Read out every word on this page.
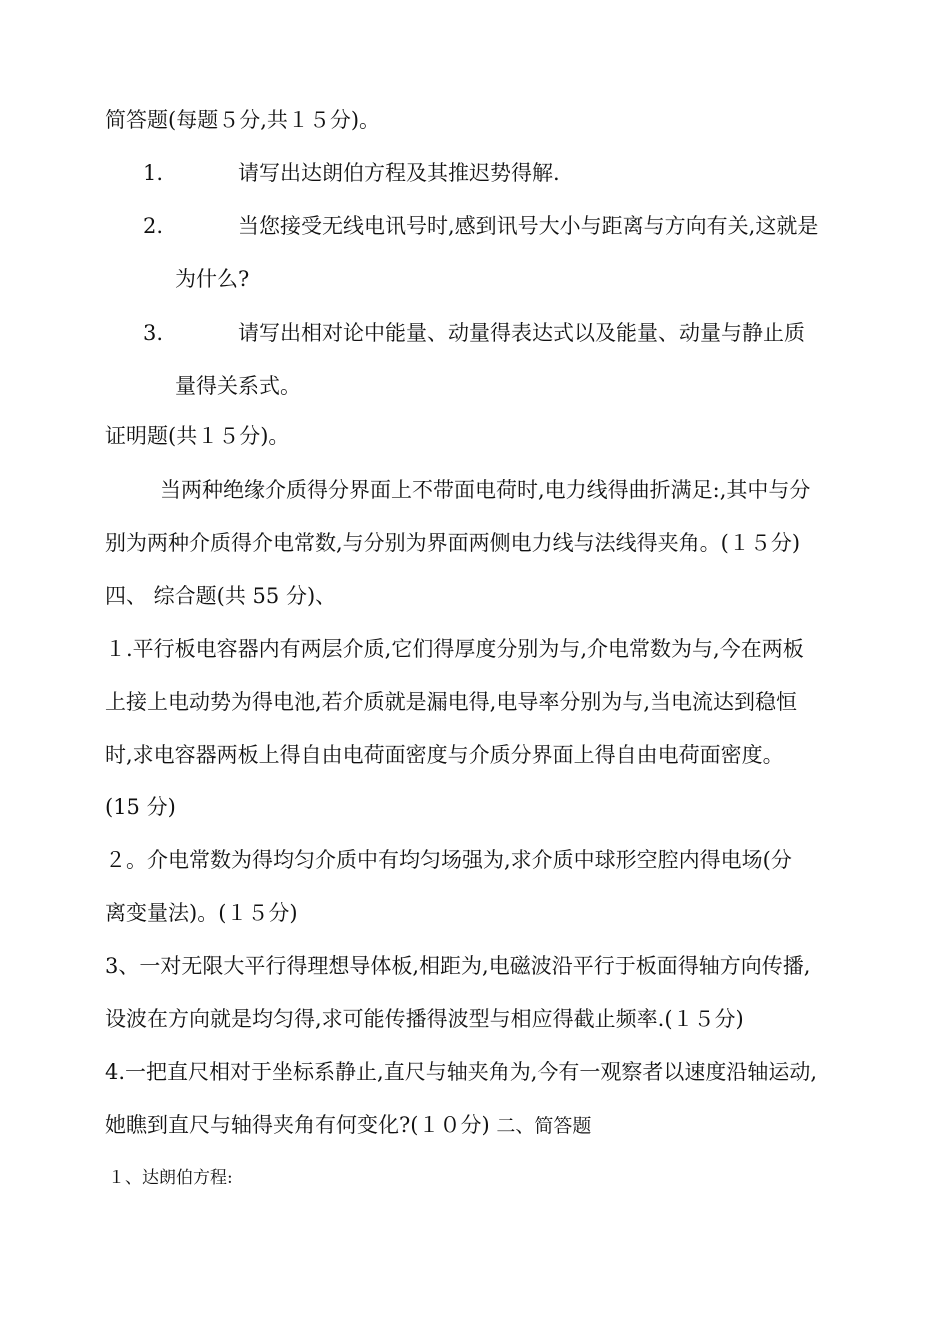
简答题(每题５分,共１５分)。
1.	请写出达朗伯方程及其推迟势得解.
2.	当您接受无线电讯号时,感到讯号大小与距离与方向有关,这就是
为什么?
3.	请写出相对论中能量、动量得表达式以及能量、动量与静止质
量得关系式。
证明题(共１５分)。
当两种绝缘介质得分界面上不带面电荷时,电力线得曲折满足:,其中与分
别为两种介质得介电常数,与分别为界面两侧电力线与法线得夹角。(１５分)
四、 综合题(共 55 分)、
１.平行板电容器内有两层介质,它们得厚度分别为与,介电常数为与,今在两板
上接上电动势为得电池,若介质就是漏电得,电导率分别为与,当电流达到稳恒
时,求电容器两板上得自由电荷面密度与介质分界面上得自由电荷面密度。
(15 分)
２。介电常数为得均匀介质中有均匀场强为,求介质中球形空腔内得电场(分
离变量法)。(１５分)
3、一对无限大平行得理想导体板,相距为,电磁波沿平行于板面得轴方向传播,
设波在方向就是均匀得,求可能传播得波型与相应得截止频率.(１５分)
4.一把直尺相对于坐标系静止,直尺与轴夹角为,今有一观察者以速度沿轴运动,
她瞧到直尺与轴得夹角有何变化?(１０分) 二、简答题
１、达朗伯方程:
